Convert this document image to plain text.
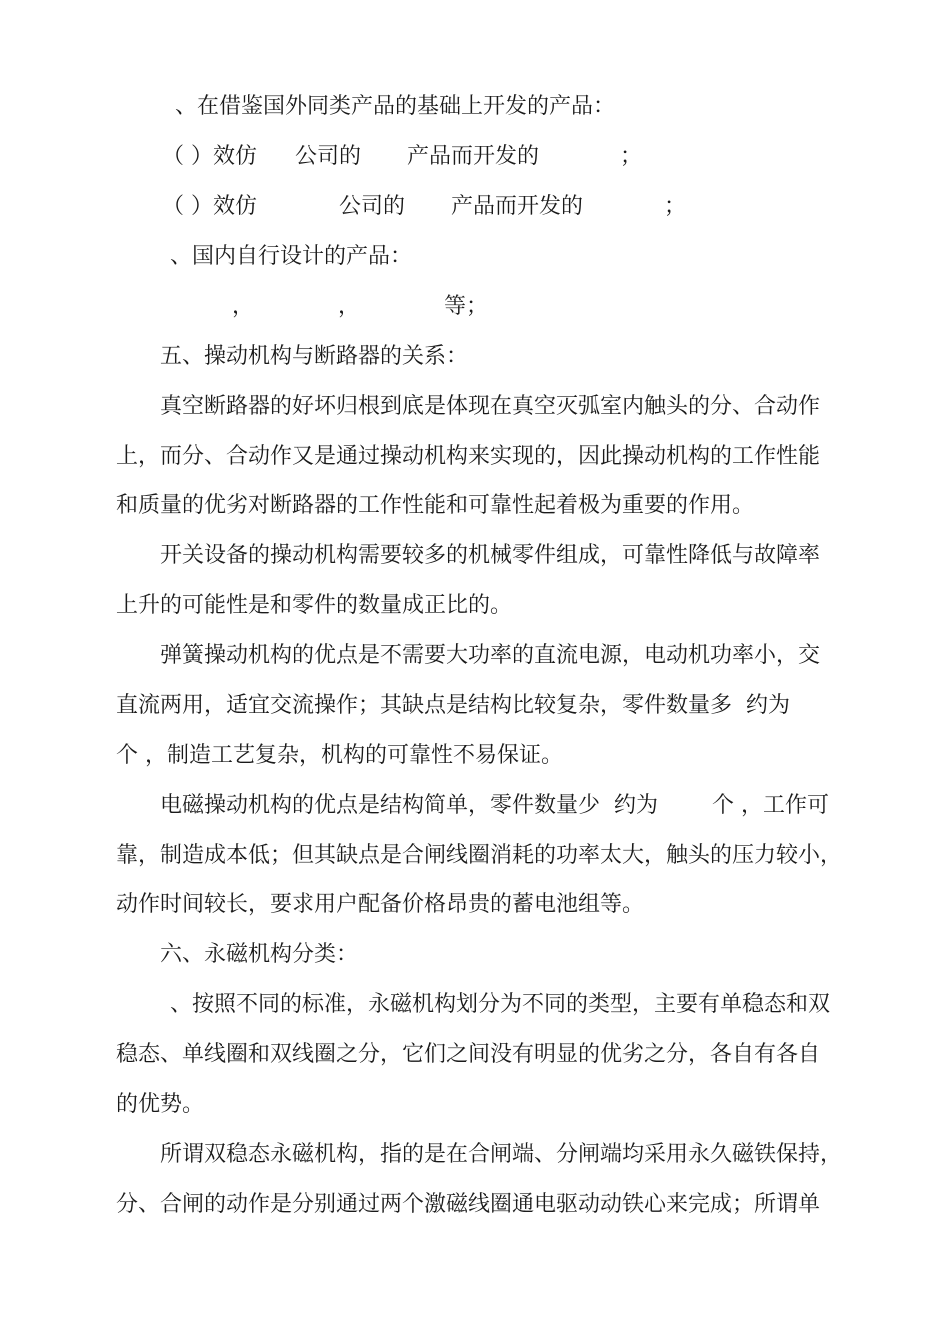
、在借鉴国外同类产品的基础上开发的产品：

（ ）效仿

公司的

产品而开发的

	；

（ ）效仿

	公司的

产品而开发的

	；

、国内自行设计的产品：

，

	，

	等；

五、操动机构与断路器的关系：
真空断路器的好坏归根到底是体现在真空灭弧室内触头的分、合动作
上，而分、合动作又是通过操动机构来实现的，因此操动机构的工作性能
和质量的优劣对断路器的工作性能和可靠性起着极为重要的作用。
开关设备的操动机构需要较多的机械零件组成，可靠性降低与故障率
上升的可能性是和零件的数量成正比的。
弹簧操动机构的优点是不需要大功率的直流电源，电动机功率小，交
直流两用，适宜交流操作；其缺点是结构比较复杂，零件数量多  约为
个 ，制造工艺复杂，机构的可靠性不易保证。

电磁操动机构的优点是结构简单，零件数量少  约为

个 ，工作可

靠，制造成本低；但其缺点是合闸线圈消耗的功率太大，触头的压力较小，
动作时间较长，要求用户配备价格昂贵的蓄电池组等。
六、永磁机构分类：
、按照不同的标准，永磁机构划分为不同的类型，主要有单稳态和双
稳态、单线圈和双线圈之分，它们之间没有明显的优劣之分，各自有各自
的优势。
所谓双稳态永磁机构，指的是在合闸端、分闸端均采用永久磁铁保持，
分、合闸的动作是分别通过两个激磁线圈通电驱动动铁心来完成；所谓单
